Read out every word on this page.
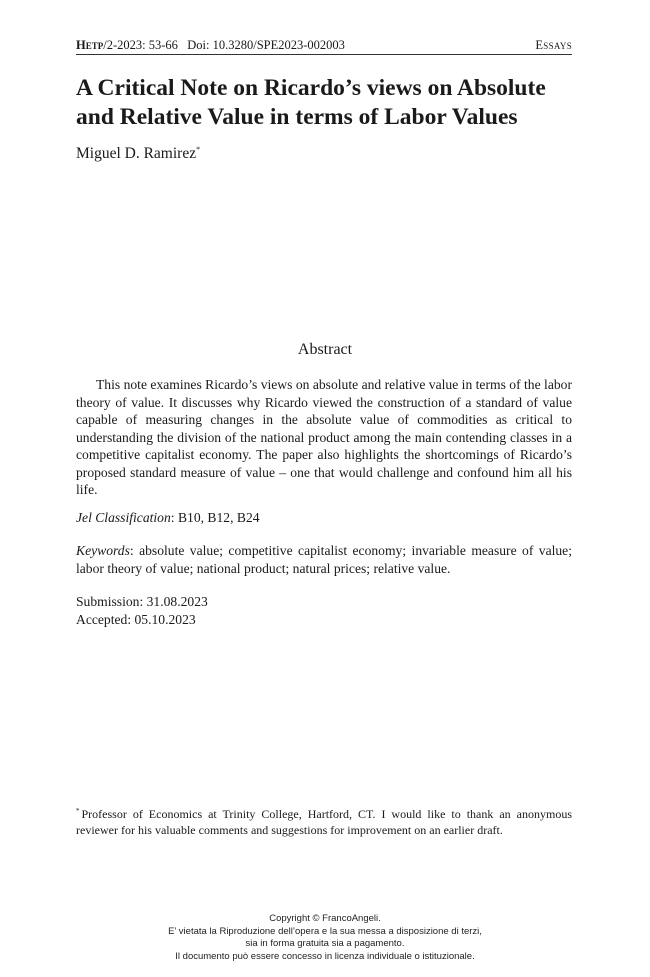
Hetp/2-2023: 53-66 Doi: 10.3280/SPE2023-002003	Essays

A Critical Note on Ricardo’s views on Absolute and Relative Value in terms of Labor Values
Miguel D. Ramirez*
Abstract

This note examines Ricardo’s views on absolute and relative value in terms of the labor theory of value. It discusses why Ricardo viewed the construction of a standard of value capable of measuring changes in the absolute value of commodities as critical to understanding the division of the national product among the main contending classes in a competitive capitalist economy. The paper also highlights the shortcomings of Ricardo’s proposed standard measure of value – one that would challenge and confound him all his life.

Jel Classification: B10, B12, B24

Keywords: absolute value; competitive capitalist economy; invariable measure of value; labor theory of value; national product; natural prices; relative value.

Submission: 31.08.2023
Accepted: 05.10.2023

* Professor of Economics at Trinity College, Hartford, CT. I would like to thank an anonymous reviewer for his valuable comments and suggestions for improvement on an earlier draft.

Copyright © FrancoAngeli.
E’ vietata la Riproduzione dell’opera e la sua messa a disposizione di terzi,
sia in forma gratuita sia a pagamento.
Il documento può essere concesso in licenza individuale o istituzionale.
